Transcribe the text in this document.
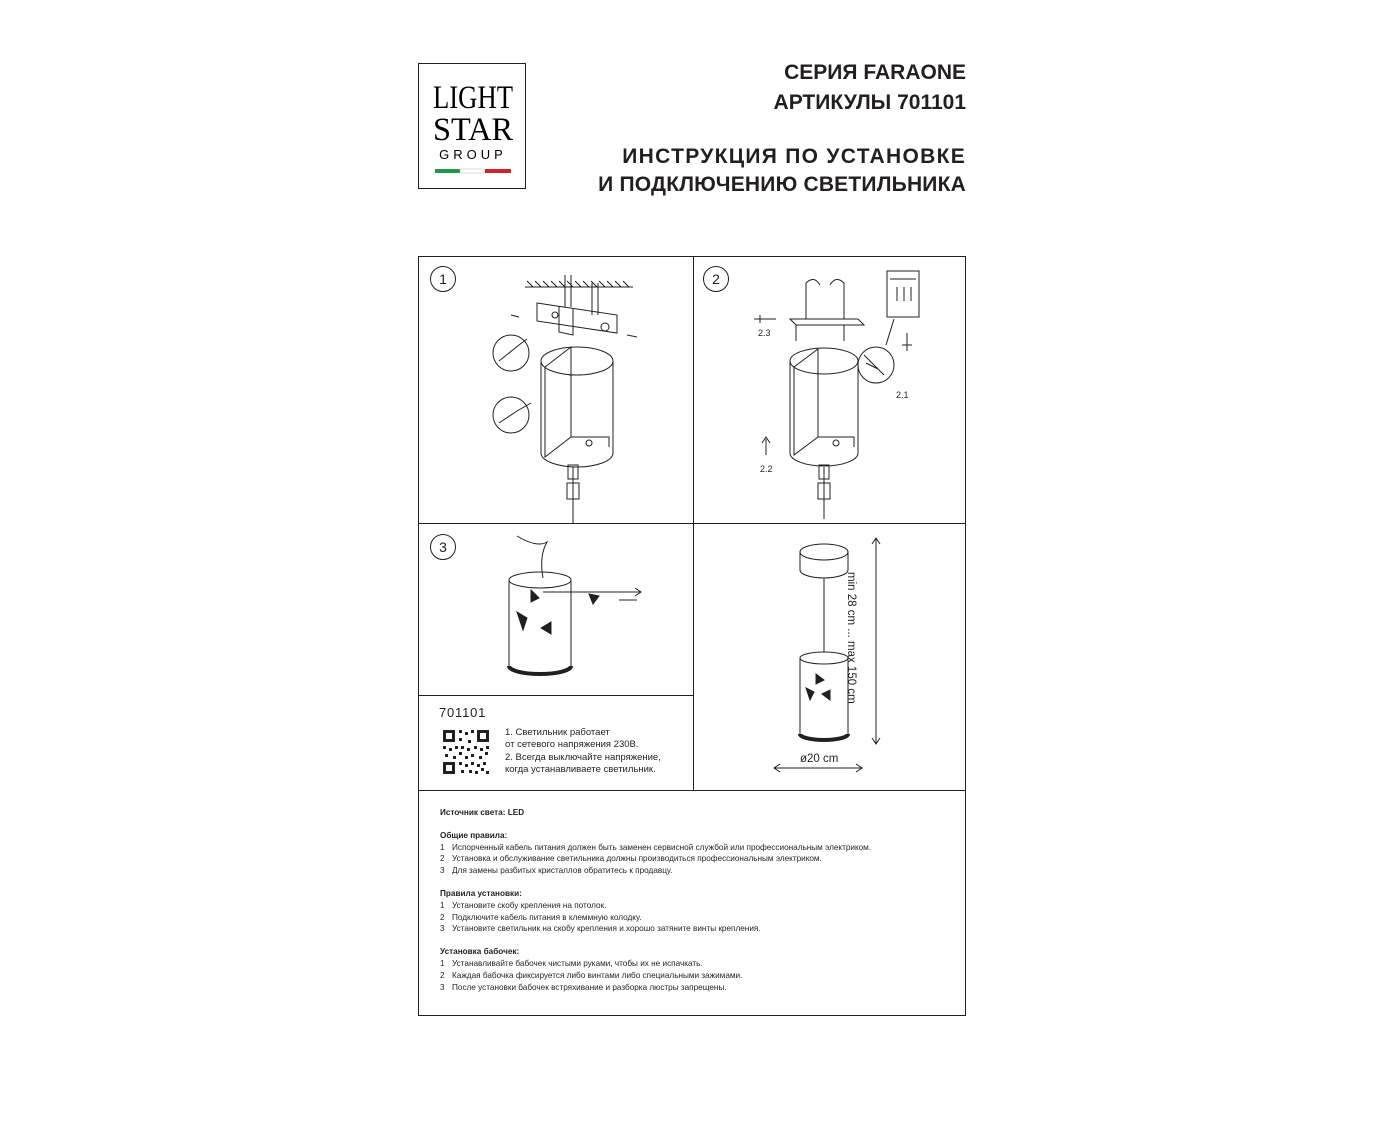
LIGHT
STAR
GROUP
СЕРИЯ FARAONE
АРТИКУЛЫ 701101
ИНСТРУКЦИЯ ПО УСТАНОВКЕ
И ПОДКЛЮЧЕНИЮ СВЕТИЛЬНИКА
1	2
2.3
2.1
2.2
3
min 28 cm ... max 150 cm
ø20 cm
701101
1. Светильник работает
от сетевого напряжения 230В.
2. Всегда выключайте напряжение,
когда устанавливаете светильник.
Источник света: LED
Общие правила:
1 Испорченный кабель питания должен быть заменен сервисной службой или профессиональным электриком.
2 Установка и обслуживание светильника должны производиться профессиональным электриком.
3 Для замены разбитых кристаллов обратитесь к продавцу.
Правила установки:
1 Установите скобу крепления на потолок.
2 Подключите кабель питания в клеммную колодку.
3 Установите светильник на скобу крепления и хорошо затяните винты крепления.
Установка бабочек:
1 Устанавливайте бабочек чистыми руками, чтобы их не испачкать.
2 Каждая бабочка фиксируется либо винтами либо специальными зажимами.
3 После установки бабочек встряхивание и разборка люстры запрещены.
